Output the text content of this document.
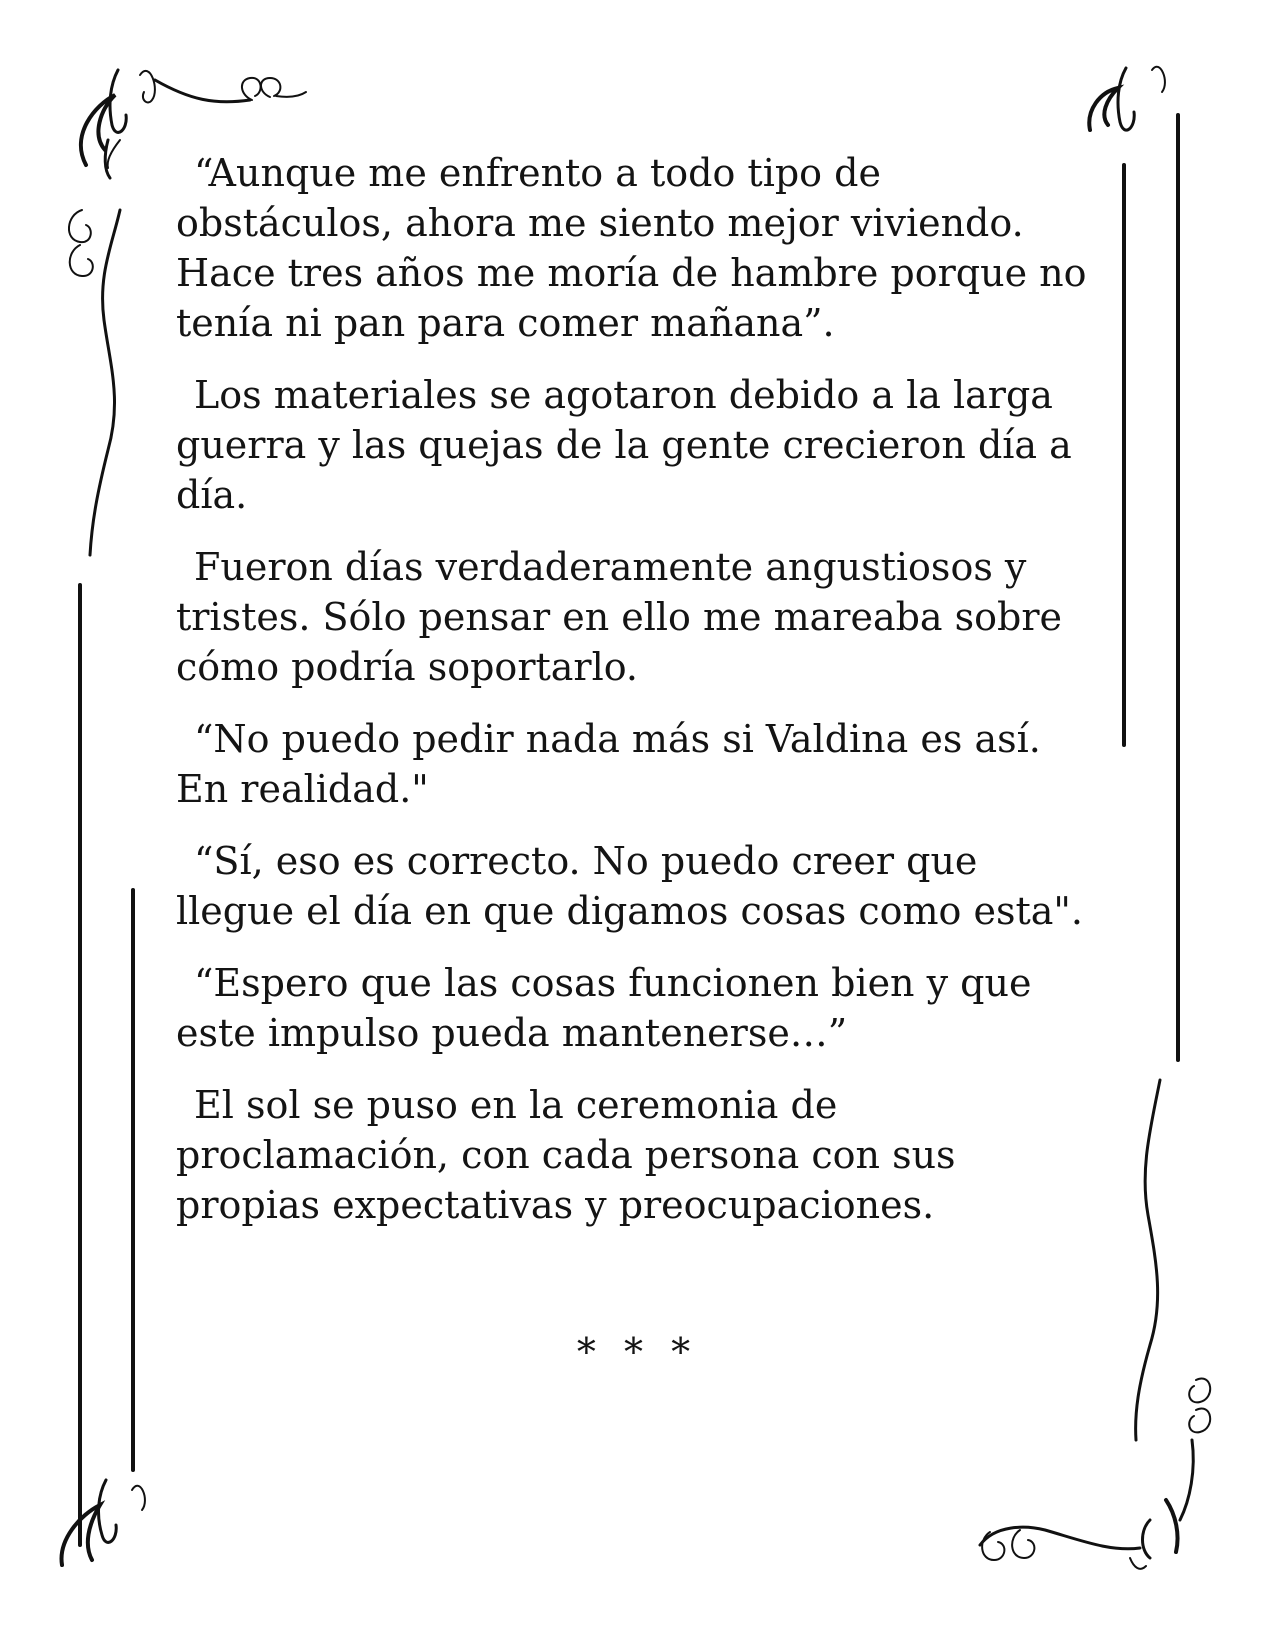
“Aunque me enfrento a todo tipo de obstáculos, ahora me siento mejor viviendo. Hace tres años me moría de hambre porque no tenía ni pan para comer mañana”.

Los materiales se agotaron debido a la larga guerra y las quejas de la gente crecieron día a día.

Fueron días verdaderamente angustiosos y tristes. Sólo pensar en ello me mareaba sobre cómo podría soportarlo.

“No puedo pedir nada más si Valdina es así. En realidad."

“Sí, eso es correcto. No puedo creer que llegue el día en que digamos cosas como esta".

“Espero que las cosas funcionen bien y que este impulso pueda mantenerse…”

El sol se puso en la ceremonia de proclamación, con cada persona con sus propias expectativas y preocupaciones.

* * *
